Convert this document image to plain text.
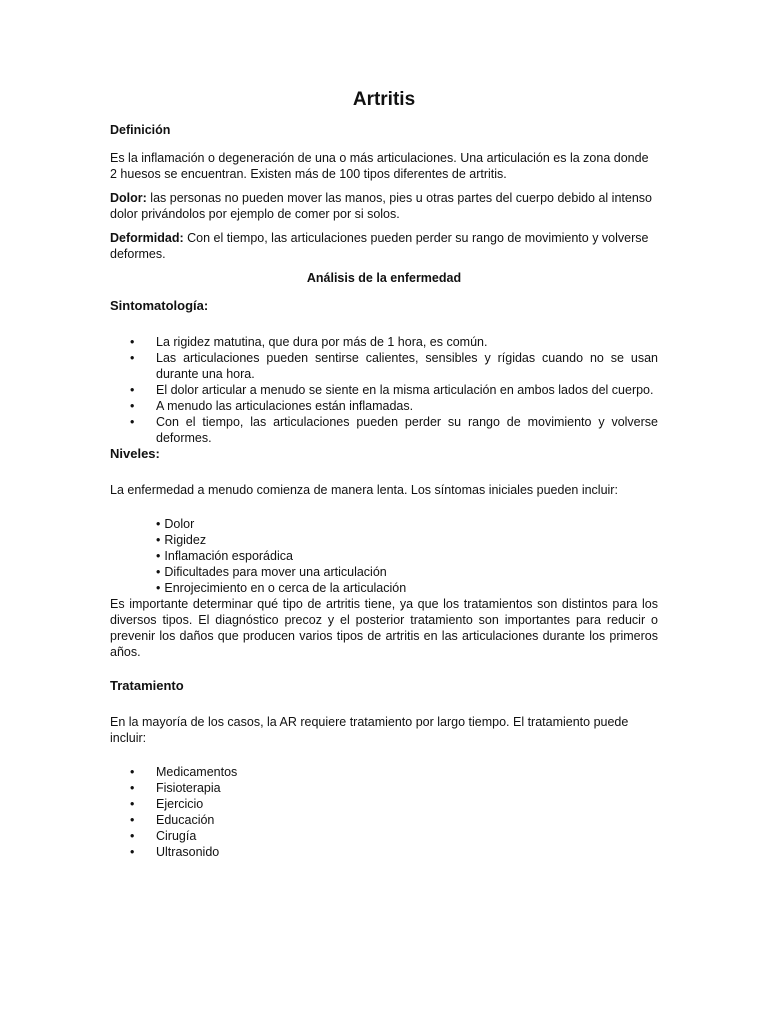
Artritis
Definición

Es la inflamación o degeneración de una o más articulaciones. Una articulación es la zona donde 2 huesos se encuentran. Existen más de 100 tipos diferentes de artritis.

Dolor: las personas no pueden mover las manos, pies u otras partes del cuerpo debido al intenso dolor privándolos por ejemplo de comer por si solos.

Deformidad: Con el tiempo, las articulaciones pueden perder su rango de movimiento y volverse deformes.

Análisis de la enfermedad
Sintomatología:
• La rigidez matutina, que dura por más de 1 hora, es común.
• Las articulaciones pueden sentirse calientes, sensibles y rígidas cuando no se usan durante una hora.
• El dolor articular a menudo se siente en la misma articulación en ambos lados del cuerpo.
• A menudo las articulaciones están inflamadas.
• Con el tiempo, las articulaciones pueden perder su rango de movimiento y volverse deformes.
Niveles:

La enfermedad a menudo comienza de manera lenta. Los síntomas iniciales pueden incluir:

• Dolor
• Rigidez
• Inflamación esporádica
• Dificultades para mover una articulación
• Enrojecimiento en o cerca de la articulación

Es importante determinar qué tipo de artritis tiene, ya que los tratamientos son distintos para los diversos tipos. El diagnóstico precoz y el posterior tratamiento son importantes para reducir o prevenir los daños que producen varios tipos de artritis en las articulaciones durante los primeros años.

Tratamiento

En la mayoría de los casos, la AR requiere tratamiento por largo tiempo. El tratamiento puede incluir:

• Medicamentos
• Fisioterapia
• Ejercicio
• Educación
• Cirugía
• Ultrasonido
